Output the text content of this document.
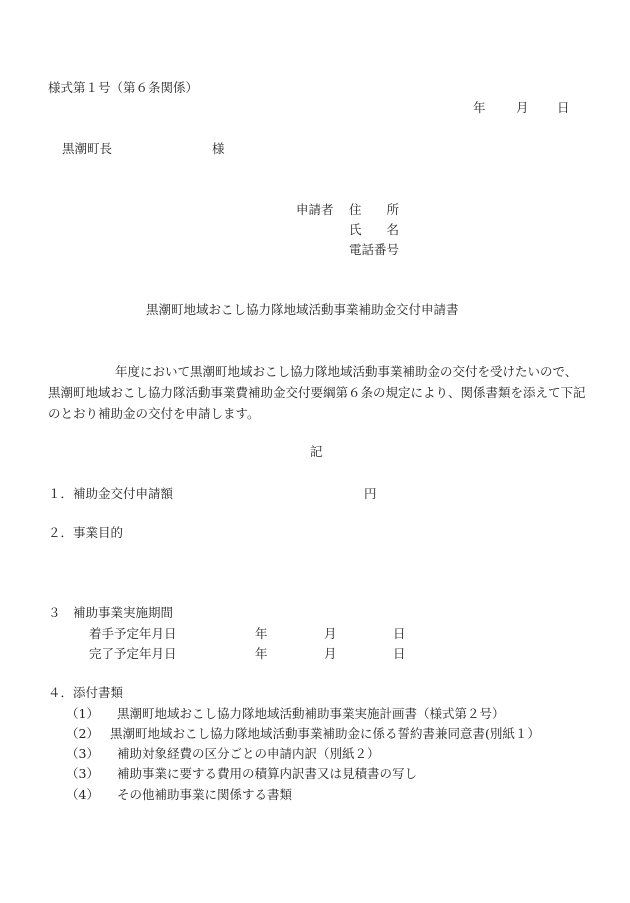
様式第１号（第６条関係）
年 月 日
黒潮町長	様
申請者 住　　所
氏　　名
電話番号
黒潮町地域おこし協力隊地域活動事業補助金交付申請書
年度において黒潮町地域おこし協力隊地域活動事業補助金の交付を受けたいので、黒潮町地域おこし協力隊活動事業費補助金交付要綱第６条の規定により、関係書類を添えて下記のとおり補助金の交付を申請します。
記
１．補助金交付申請額	円
２．事業目的
３　補助事業実施期間
着手予定年月日	年	月	日
完了予定年月日	年	月	日
４．添付書類
（1） 黒潮町地域おこし協力隊地域活動補助事業実施計画書（様式第２号）
（2） 黒潮町地域おこし協力隊地域活動事業補助金に係る誓約書兼同意書(別紙１）
（3） 補助対象経費の区分ごとの申請内訳（別紙２）
（3） 補助事業に要する費用の積算内訳書又は見積書の写し
（4） その他補助事業に関係する書類
